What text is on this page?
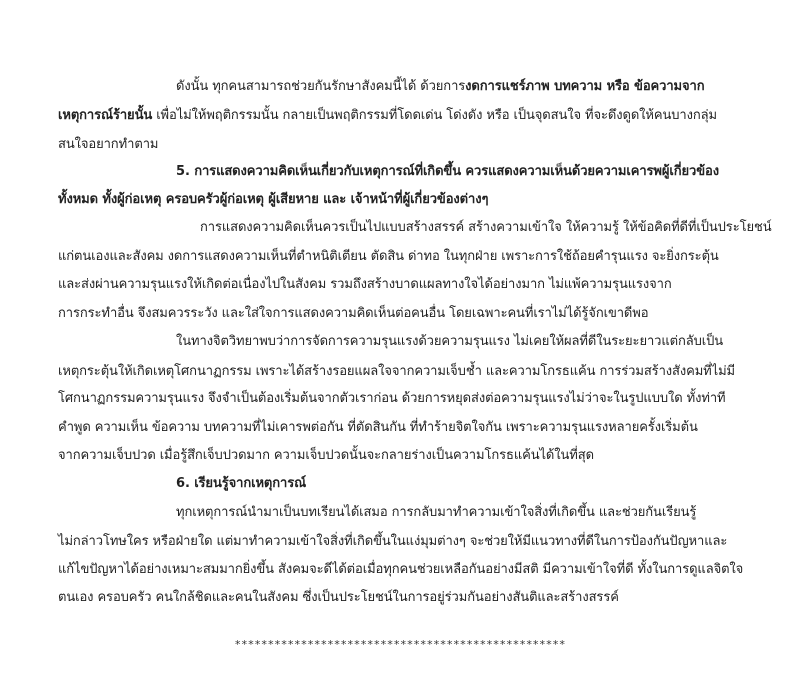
ดังนั้น ทุกคนสามารถช่วยกันรักษาสังคมนี้ได้ ด้วยการงดการแชร์ภาพ บทความ หรือ ข้อความจาก
เหตุการณ์ร้ายนั้น เพื่อไม่ให้พฤติกรรมนั้น กลายเป็นพฤติกรรมที่โดดเด่น โด่งดัง หรือ เป็นจุดสนใจ ที่จะดึงดูดให้คนบางกลุ่ม
สนใจอยากทำตาม
5. การแสดงความคิดเห็นเกี่ยวกับเหตุการณ์ที่เกิดขึ้น ควรแสดงความเห็นด้วยความเคารพผู้เกี่ยวข้อง
ทั้งหมด ทั้งผู้ก่อเหตุ ครอบครัวผู้ก่อเหตุ ผู้เสียหาย และ เจ้าหน้าที่ผู้เกี่ยวข้องต่างๆ
การแสดงความคิดเห็นควรเป็นไปแบบสร้างสรรค์ สร้างความเข้าใจ ให้ความรู้ ให้ข้อคิดที่ดีที่เป็นประโยชน์
แก่ตนเองและสังคม งดการแสดงความเห็นที่ตำหนิติเตียน ตัดสิน ด่าทอ ในทุกฝ่าย เพราะการใช้ถ้อยคำรุนแรง จะยิ่งกระตุ้น
และส่งผ่านความรุนแรงให้เกิดต่อเนื่องไปในสังคม รวมถึงสร้างบาดแผลทางใจได้อย่างมาก ไม่แพ้ความรุนแรงจาก
การกระทำอื่น จึงสมควรระวัง และใส่ใจการแสดงความคิดเห็นต่อคนอื่น โดยเฉพาะคนที่เราไม่ได้รู้จักเขาดีพอ
ในทางจิตวิทยาพบว่าการจัดการความรุนแรงด้วยความรุนแรง ไม่เคยให้ผลที่ดีในระยะยาวแต่กลับเป็น
เหตุกระตุ้นให้เกิดเหตุโศกนาฏกรรม เพราะได้สร้างรอยแผลใจจากความเจ็บช้ำ และความโกรธแค้น การร่วมสร้างสังคมที่ไม่มี
โศกนาฏกรรมความรุนแรง จึงจำเป็นต้องเริ่มต้นจากตัวเราก่อน ด้วยการหยุดส่งต่อความรุนแรงไม่ว่าจะในรูปแบบใด ทั้งท่าที
คำพูด ความเห็น ข้อความ บทความที่ไม่เคารพต่อกัน ที่ตัดสินกัน ที่ทำร้ายจิตใจกัน เพราะความรุนแรงหลายครั้งเริ่มต้น
จากความเจ็บปวด เมื่อรู้สึกเจ็บปวดมาก ความเจ็บปวดนั้นจะกลายร่างเป็นความโกรธแค้นได้ในที่สุด
6. เรียนรู้จากเหตุการณ์
ทุกเหตุการณ์นำมาเป็นบทเรียนได้เสมอ การกลับมาทำความเข้าใจสิ่งที่เกิดขึ้น และช่วยกันเรียนรู้
ไม่กล่าวโทษใคร หรือฝ่ายใด แต่มาทำความเข้าใจสิ่งที่เกิดขึ้นในแง่มุมต่างๆ จะช่วยให้มีแนวทางที่ดีในการป้องกันปัญหาและ
แก้ไขปัญหาได้อย่างเหมาะสมมากยิ่งขึ้น สังคมจะดีได้ต่อเมื่อทุกคนช่วยเหลือกันอย่างมีสติ มีความเข้าใจที่ดี ทั้งในการดูแลจิตใจ
ตนเอง ครอบครัว คนใกล้ชิดและคนในสังคม ซึ่งเป็นประโยชน์ในการอยู่ร่วมกันอย่างสันติและสร้างสรรค์
**************************************************
